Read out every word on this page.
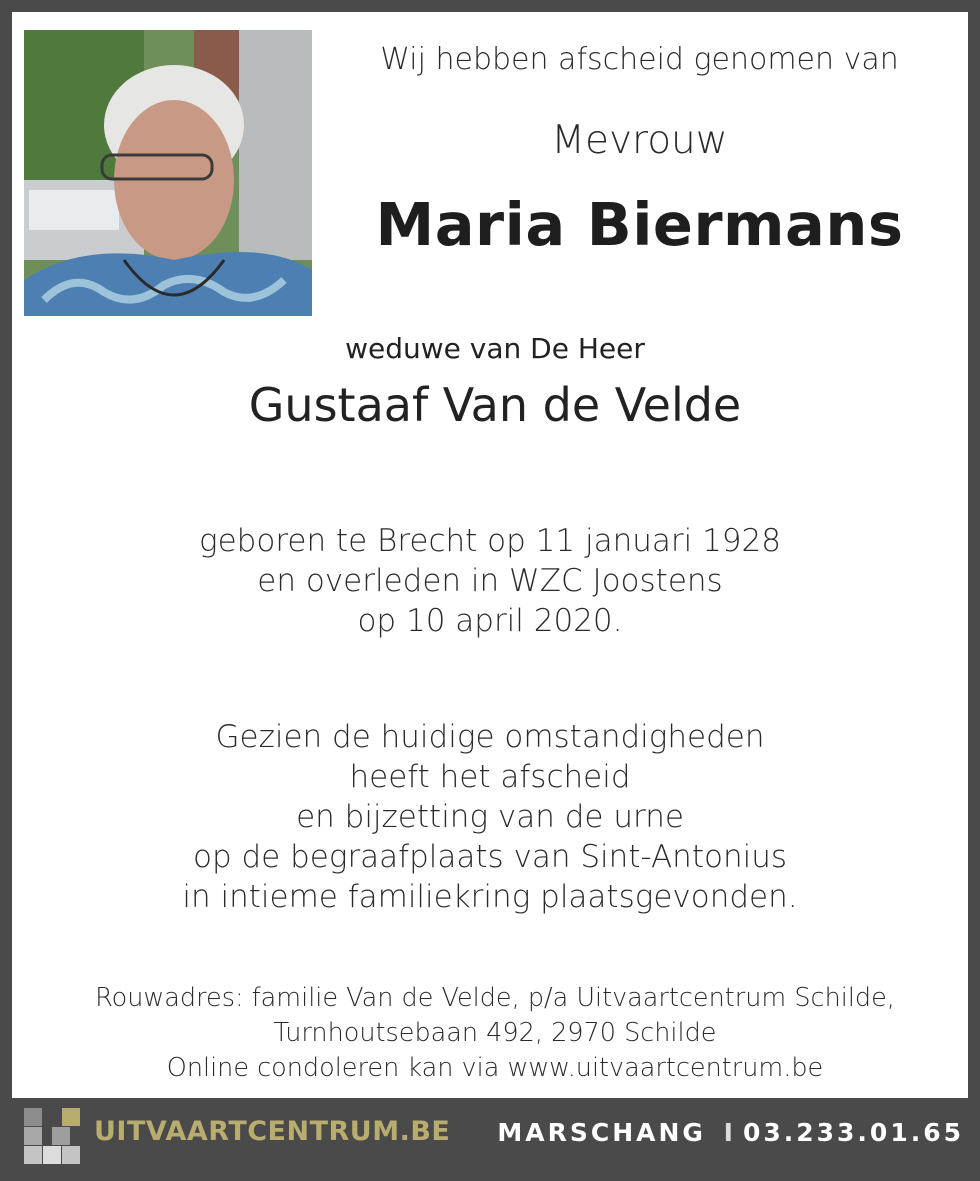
Wij hebben afscheid genomen van
Mevrouw
Maria Biermans
weduwe van De Heer
Gustaaf Van de Velde
geboren te Brecht op 11 januari 1928
en overleden in WZC Joostens
op 10 april 2020.
Gezien de huidige omstandigheden
heeft het afscheid
en bijzetting van de urne
op de begraafplaats van Sint-Antonius
in intieme familiekring plaatsgevonden.
Rouwadres: familie Van de Velde, p/a Uitvaartcentrum Schilde,
Turnhoutsebaan 492, 2970 Schilde
Online condoleren kan via www.uitvaartcentrum.be
UITVAARTCENTRUM.BE MARSCHANG I 03.233.01.65
